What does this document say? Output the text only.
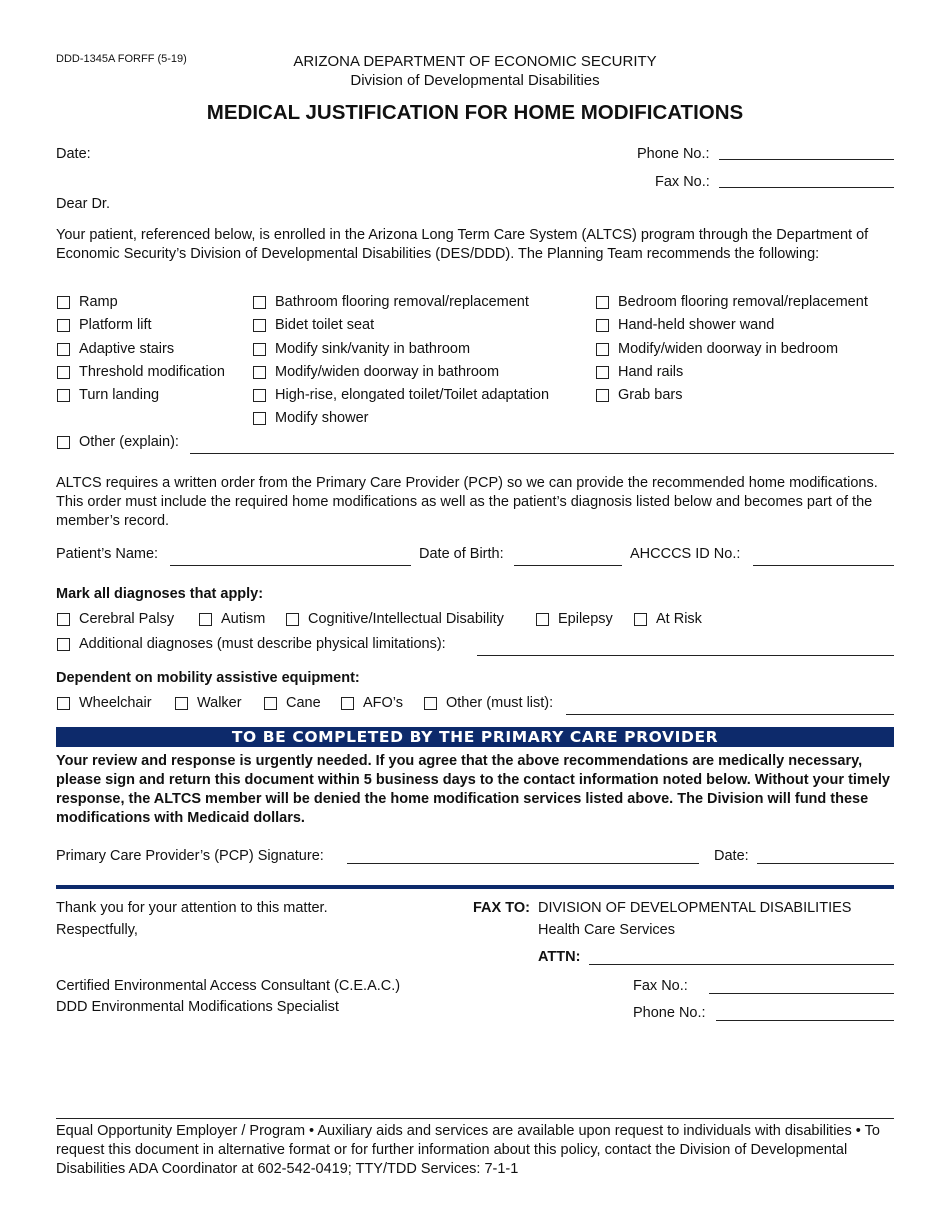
DDD-1345A FORFF (5-19)	ARIZONA DEPARTMENT OF ECONOMIC SECURITY
Division of Developmental Disabilities
MEDICAL JUSTIFICATION FOR HOME MODIFICATIONS
Date:	Phone No.:
Fax No.:
Dear Dr.
Your patient, referenced below, is enrolled in the Arizona Long Term Care System (ALTCS) program through the Department of Economic Security’s Division of Developmental Disabilities (DES/DDD). The Planning Team recommends the following:
Ramp
Platform lift
Adaptive stairs
Threshold modification
Turn landing
Bathroom flooring removal/replacement
Bidet toilet seat
Modify sink/vanity in bathroom
Modify/widen doorway in bathroom
High-rise, elongated toilet/Toilet adaptation
Modify shower
Bedroom flooring removal/replacement
Hand-held shower wand
Modify/widen doorway in bedroom
Hand rails
Grab bars
Other (explain):
ALTCS requires a written order from the Primary Care Provider (PCP) so we can provide the recommended home modifications. This order must include the required home modifications as well as the patient’s diagnosis listed below and becomes part of the member’s record.
Patient’s Name:	Date of Birth:	AHCCCS ID No.:
Mark all diagnoses that apply:
Cerebral Palsy	Autism	Cognitive/Intellectual Disability	Epilepsy	At Risk
Additional diagnoses (must describe physical limitations):
Dependent on mobility assistive equipment:
Wheelchair	Walker	Cane	AFO’s	Other (must list):
TO BE COMPLETED BY THE PRIMARY CARE PROVIDER
Your review and response is urgently needed. If you agree that the above recommendations are medically necessary, please sign and return this document within 5 business days to the contact information noted below. Without your timely response, the ALTCS member will be denied the home modification services listed above. The Division will fund these modifications with Medicaid dollars.
Primary Care Provider’s (PCP) Signature:	Date:
Thank you for your attention to this matter.
Respectfully,
Certified Environmental Access Consultant (C.E.A.C.)
DDD Environmental Modifications Specialist
FAX TO: DIVISION OF DEVELOPMENTAL DISABILITIES
Health Care Services
ATTN:
Fax No.:
Phone No.:
Equal Opportunity Employer / Program • Auxiliary aids and services are available upon request to individuals with disabilities • To request this document in alternative format or for further information about this policy, contact the Division of Developmental Disabilities ADA Coordinator at 602-542-0419; TTY/TDD Services: 7-1-1
